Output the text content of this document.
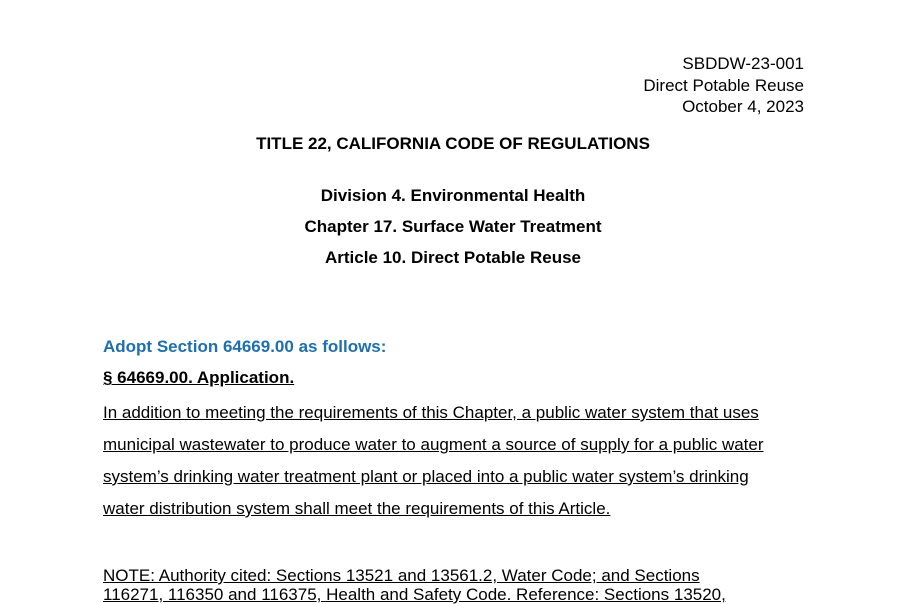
SBDDW-23-001
Direct Potable Reuse
October 4, 2023
TITLE 22, CALIFORNIA CODE OF REGULATIONS
Division 4. Environmental Health
Chapter 17. Surface Water Treatment
Article 10. Direct Potable Reuse
Adopt Section 64669.00 as follows:
§ 64669.00. Application.
In addition to meeting the requirements of this Chapter, a public water system that uses
municipal wastewater to produce water to augment a source of supply for a public water
system’s drinking water treatment plant or placed into a public water system’s drinking
water distribution system shall meet the requirements of this Article.
NOTE: Authority cited: Sections 13521 and 13561.2, Water Code; and Sections
116271, 116350 and 116375, Health and Safety Code. Reference: Sections 13520,
